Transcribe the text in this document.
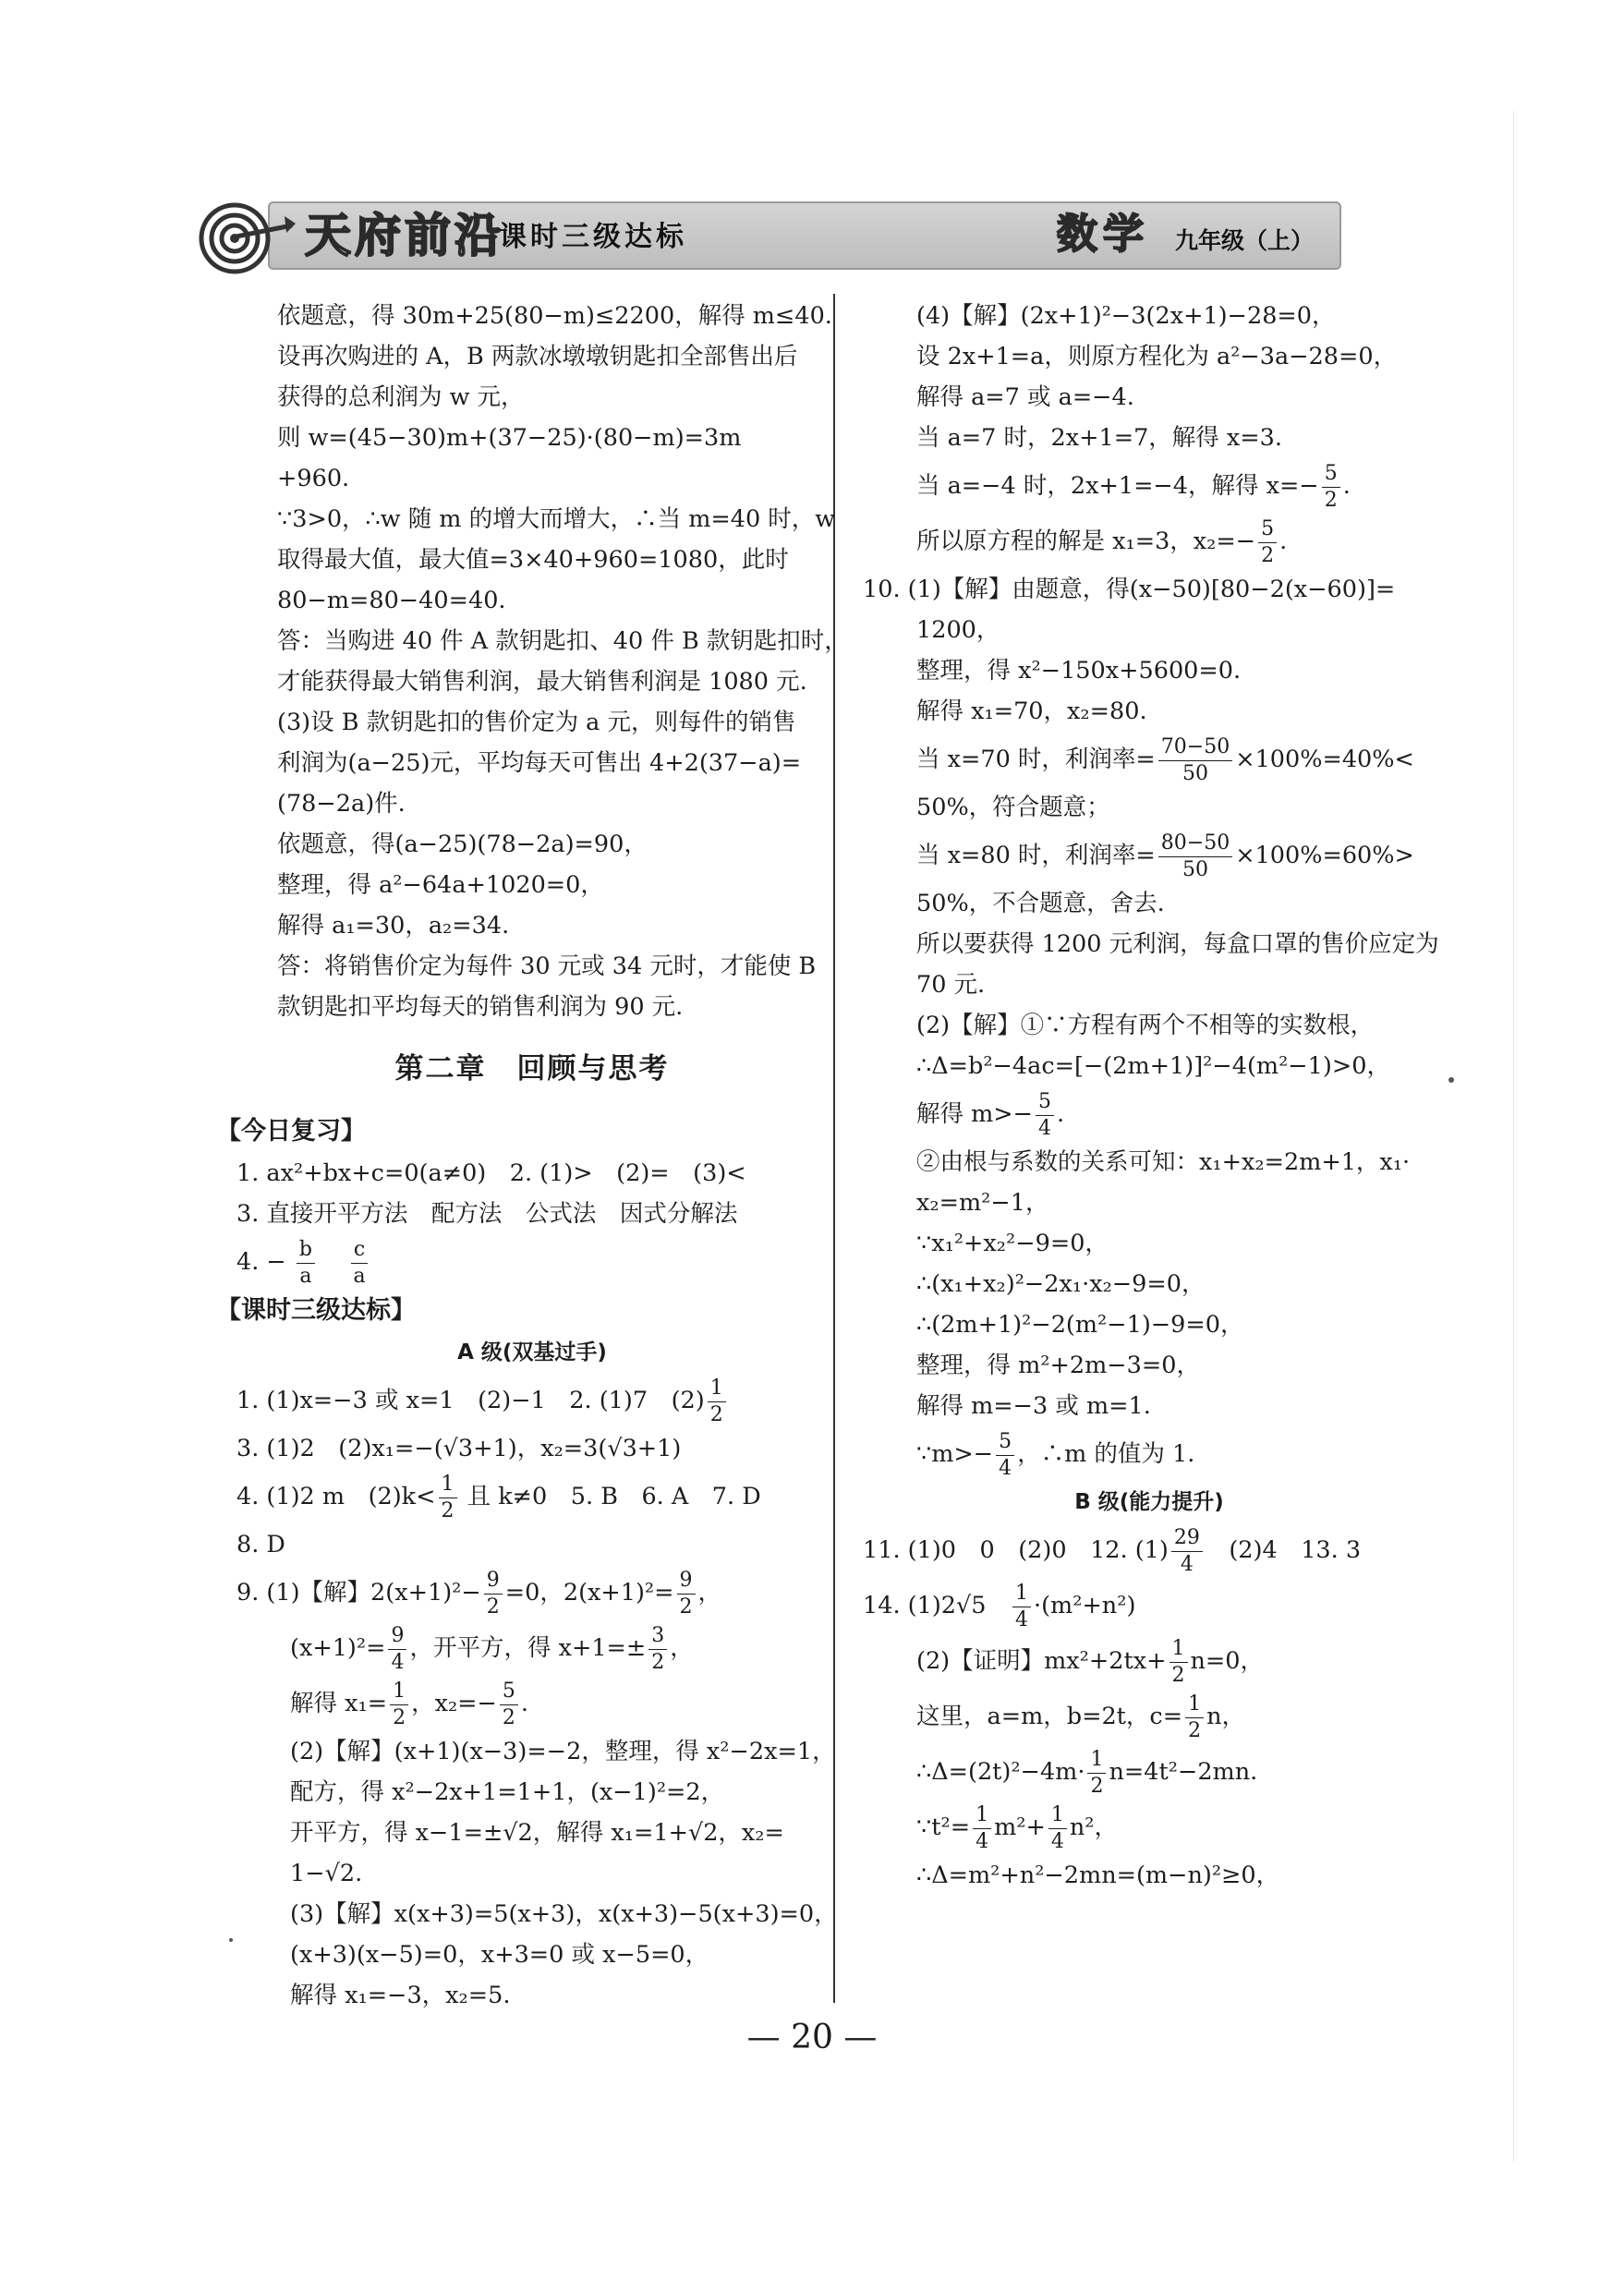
天府前沿
课时三级达标	数学 九年级（上）
依题意，得 30m+25(80−m)≤2200，解得 m≤40.
设再次购进的 A，B 两款冰墩墩钥匙扣全部售出后
获得的总利润为 w 元，
则 w=(45−30)m+(37−25)·(80−m)=3m
+960.
∵3>0，∴w 随 m 的增大而增大，∴当 m=40 时，w
取得最大值，最大值=3×40+960=1080，此时
80−m=80−40=40.
答：当购进 40 件 A 款钥匙扣、40 件 B 款钥匙扣时，
才能获得最大销售利润，最大销售利润是 1080 元.
(3)设 B 款钥匙扣的售价定为 a 元，则每件的销售
利润为(a−25)元，平均每天可售出 4+2(37−a)=
(78−2a)件.
依题意，得(a−25)(78−2a)=90，
整理，得 a²−64a+1020=0，
解得 a₁=30，a₂=34.
答：将销售价定为每件 30 元或 34 元时，才能使 B
款钥匙扣平均每天的销售利润为 90 元.
第二章　回顾与思考
【今日复习】
1. ax²+bx+c=0(a≠0)　2. (1)>　(2)=　(3)<
3. 直接开平方法　配方法　公式法　因式分解法
4. − $\frac{b}{a}$
$\frac{c}{a}$
【课时三级达标】
A 级(双基过手)
1. (1)x=−3 或 x=1　(2)−1　2. (1)7　$(2) \frac{1}{2}$
3. (1)2　(2)x₁=−(√3+1)，x₂=3(√3+1)
4. (1)2 m　$(2)k< \frac{1}{2}$ 且 k≠0　5. B　6. A　7. D
8. D
9. (1)【解】$2(x+1)^2- \frac{9}{2} =0$，$2(x+1)^2= \frac{9}{2}$ ，
$(x+1)^2= \frac{9}{4}$ ，开平方，得 $x+1=\pm \frac{3}{2}$ ，
解得 $x_1= \frac{1}{2}$ ，$x_2=- \frac{5}{2}$ .
(2)【解】(x+1)(x−3)=−2，整理，得 x²−2x=1，
配方，得 x²−2x+1=1+1，(x−1)²=2，
开平方，得 x−1=±√2，解得 x₁=1+√2，x₂=
1−√2.
(3)【解】x(x+3)=5(x+3)，x(x+3)−5(x+3)=0，
(x+3)(x−5)=0，x+3=0 或 x−5=0，
解得 x₁=−3，x₂=5.
(4)【解】(2x+1)²−3(2x+1)−28=0，
设 2x+1=a，则原方程化为 a²−3a−28=0，
解得 a=7 或 a=−4.
当 a=7 时，2x+1=7，解得 x=3.
当 a=−4 时，2x+1=−4，解得 $x=- \frac{5}{2}$ .
所以原方程的解是 x₁=3，$x_2=- \frac{5}{2}$ .
10. (1)【解】由题意，得(x−50)[80−2(x−60)]=
1200，
整理，得 x²−150x+5600=0.
解得 x₁=70，x₂=80.
当 x=70 时，利润率= $\frac{70-50}{50} \times 100\%=40\%<$
50%，符合题意；
当 x=80 时，利润率= $\frac{80-50}{50} \times 100\%=60\%>$
50%，不合题意，舍去.
所以要获得 1200 元利润，每盒口罩的售价应定为
70 元.
(2)【解】①∵方程有两个不相等的实数根，
∴Δ=b²−4ac=[−(2m+1)]²−4(m²−1)>0，
解得 $m>- \frac{5}{4}$ .
②由根与系数的关系可知：x₁+x₂=2m+1，x₁·
x₂=m²−1，
∵x₁²+x₂²−9=0，
∴(x₁+x₂)²−2x₁·x₂−9=0，
∴(2m+1)²−2(m²−1)−9=0，
整理，得 m²+2m−3=0，
解得 m=−3 或 m=1.
∵m>− $\frac{5}{4}$ ，∴m 的值为 1.
B 级(能力提升)
11. (1)0　0　(2)0　12. $(1) \frac{29}{4}$ 　(2)4　13. 3
14. (1)2√5　 $\frac{1}{4} \cdot(m^2+n^2)$
(2)【证明】$mx^2+2tx+ \frac{1}{2} n=0$，
这里，a=m，b=2t，$c= \frac{1}{2}$ n，
∴Δ=(2t)²−4m· $\frac{1}{2} n=4t^2-2mn$.
∵t²= $\frac{1}{4} m^2+ \frac{1}{4} n^2$，
∴Δ=m²+n²−2mn=(m−n)²≥0，
— 20 —
